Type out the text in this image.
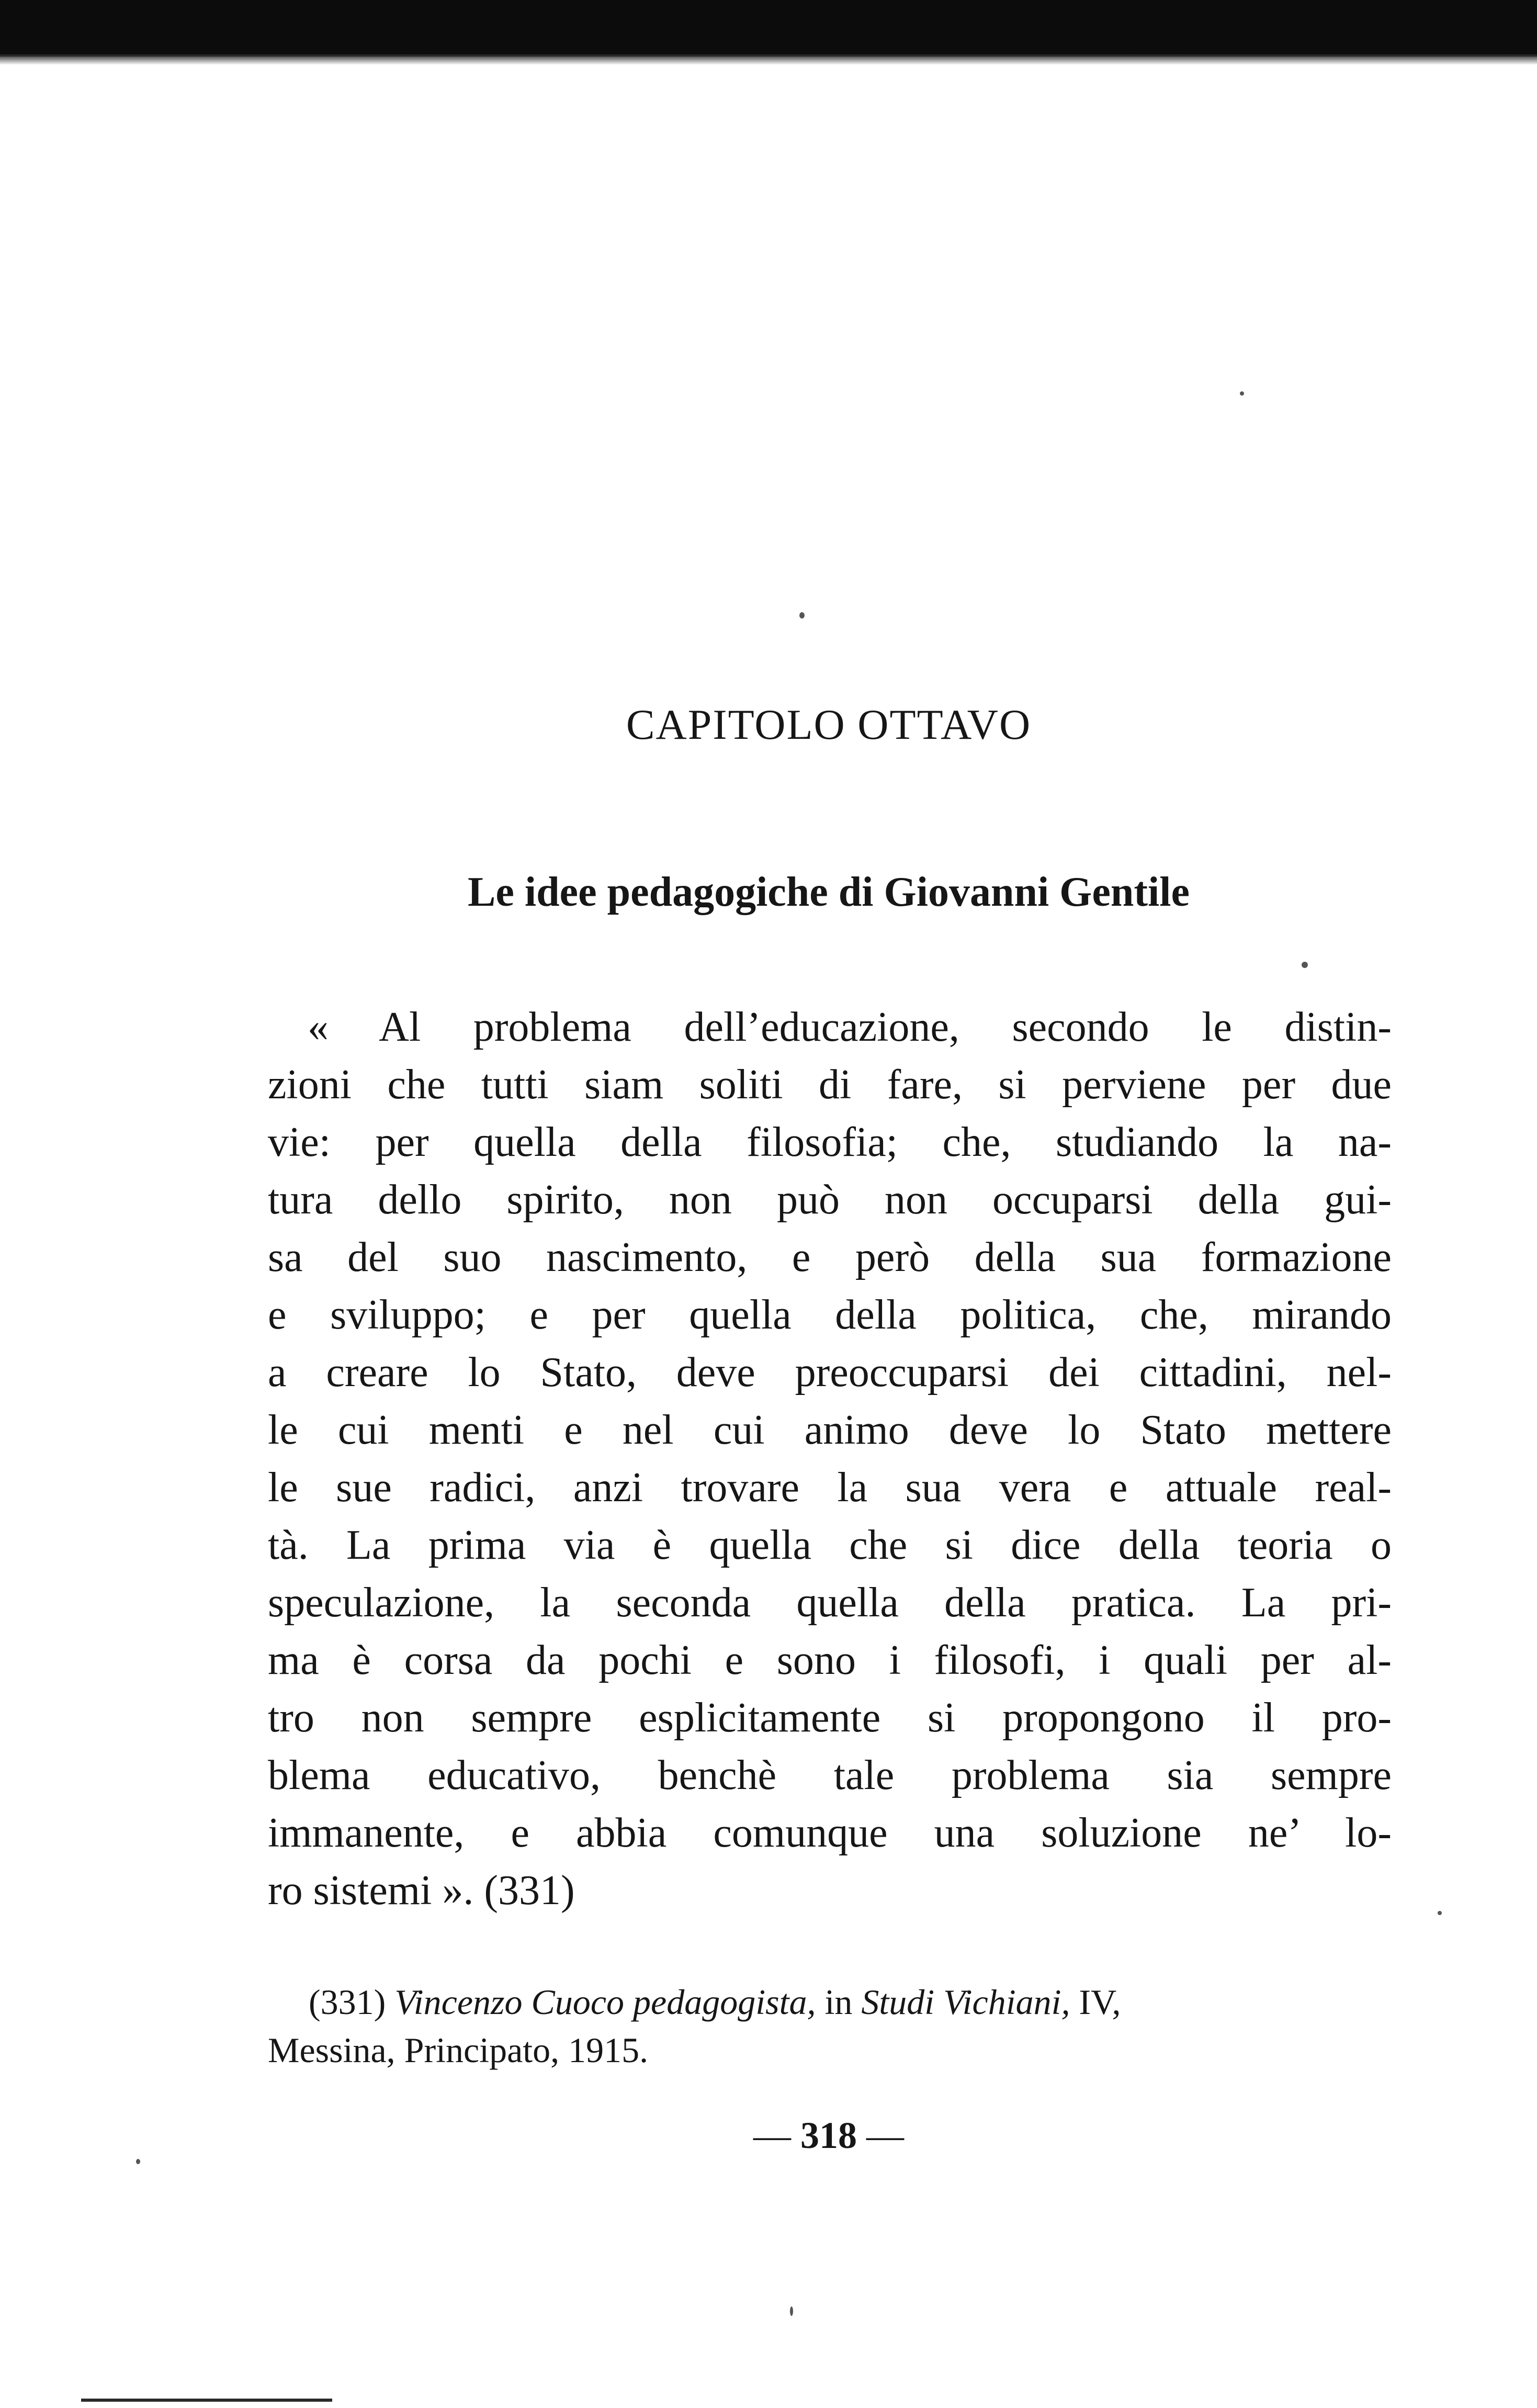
CAPITOLO OTTAVO
Le idee pedagogiche di Giovanni Gentile
« Al problema dell’educazione, secondo le distin-
zioni che tutti siam soliti di fare, si perviene per due
vie: per quella della filosofia; che, studiando la na-
tura dello spirito, non può non occuparsi della gui-
sa del suo nascimento, e però della sua formazione
e sviluppo; e per quella della politica, che, mirando
a creare lo Stato, deve preoccuparsi dei cittadini, nel-
le cui menti e nel cui animo deve lo Stato mettere
le sue radici, anzi trovare la sua vera e attuale real-
tà. La prima via è quella che si dice della teoria o
speculazione, la seconda quella della pratica. La pri-
ma è corsa da pochi e sono i filosofi, i quali per al-
tro non sempre esplicitamente si propongono il pro-
blema educativo, benchè tale problema sia sempre
immanente, e abbia comunque una soluzione ne’ lo-
ro sistemi ». (331)
(331) Vincenzo Cuoco pedagogista, in Studi Vichiani, IV,
Messina, Principato, 1915.
— 318 —
